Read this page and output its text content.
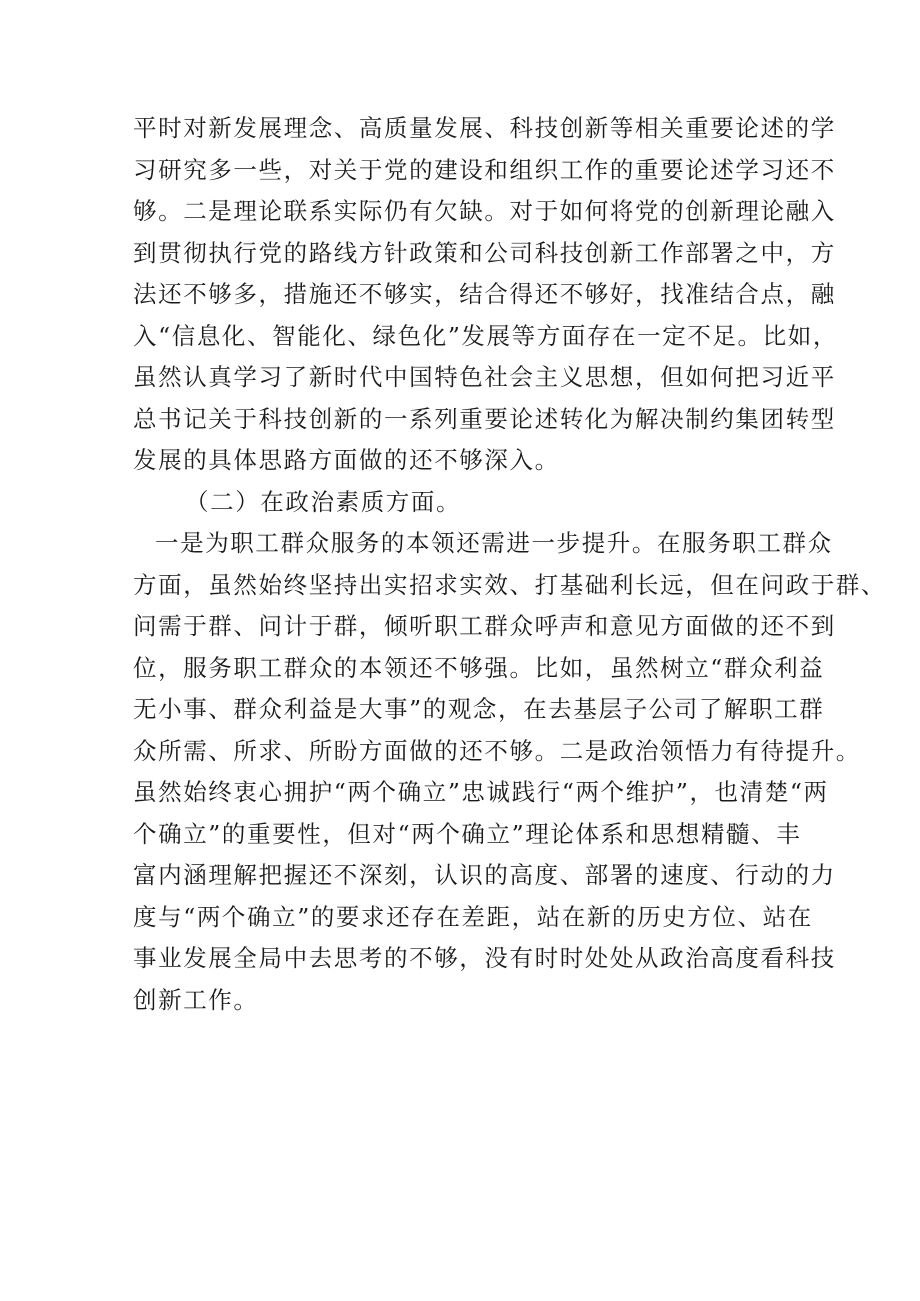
平时对新发展理念、高质量发展、科技创新等相关重要论述的学
习研究多一些，对关于党的建设和组织工作的重要论述学习还不
够。二是理论联系实际仍有欠缺。对于如何将党的创新理论融入
到贯彻执行党的路线方针政策和公司科技创新工作部署之中，方
法还不够多，措施还不够实，结合得还不够好，找准结合点，融
入“信息化、智能化、绿色化”发展等方面存在一定不足。比如，
虽然认真学习了新时代中国特色社会主义思想，但如何把习近平
总书记关于科技创新的一系列重要论述转化为解决制约集团转型
发展的具体思路方面做的还不够深入。
（二）在政治素质方面。
一是为职工群众服务的本领还需进一步提升。在服务职工群众
方面，虽然始终坚持出实招求实效、打基础利长远，但在问政于群、
问需于群、问计于群，倾听职工群众呼声和意见方面做的还不到
位，服务职工群众的本领还不够强。比如，虽然树立“群众利益
无小事、群众利益是大事”的观念，在去基层子公司了解职工群
众所需、所求、所盼方面做的还不够。二是政治领悟力有待提升。
虽然始终衷心拥护“两个确立”忠诚践行“两个维护”，也清楚“两
个确立”的重要性，但对“两个确立”理论体系和思想精髓、丰
富内涵理解把握还不深刻，认识的高度、部署的速度、行动的力
度与“两个确立”的要求还存在差距，站在新的历史方位、站在
事业发展全局中去思考的不够，没有时时处处从政治高度看科技
创新工作。
